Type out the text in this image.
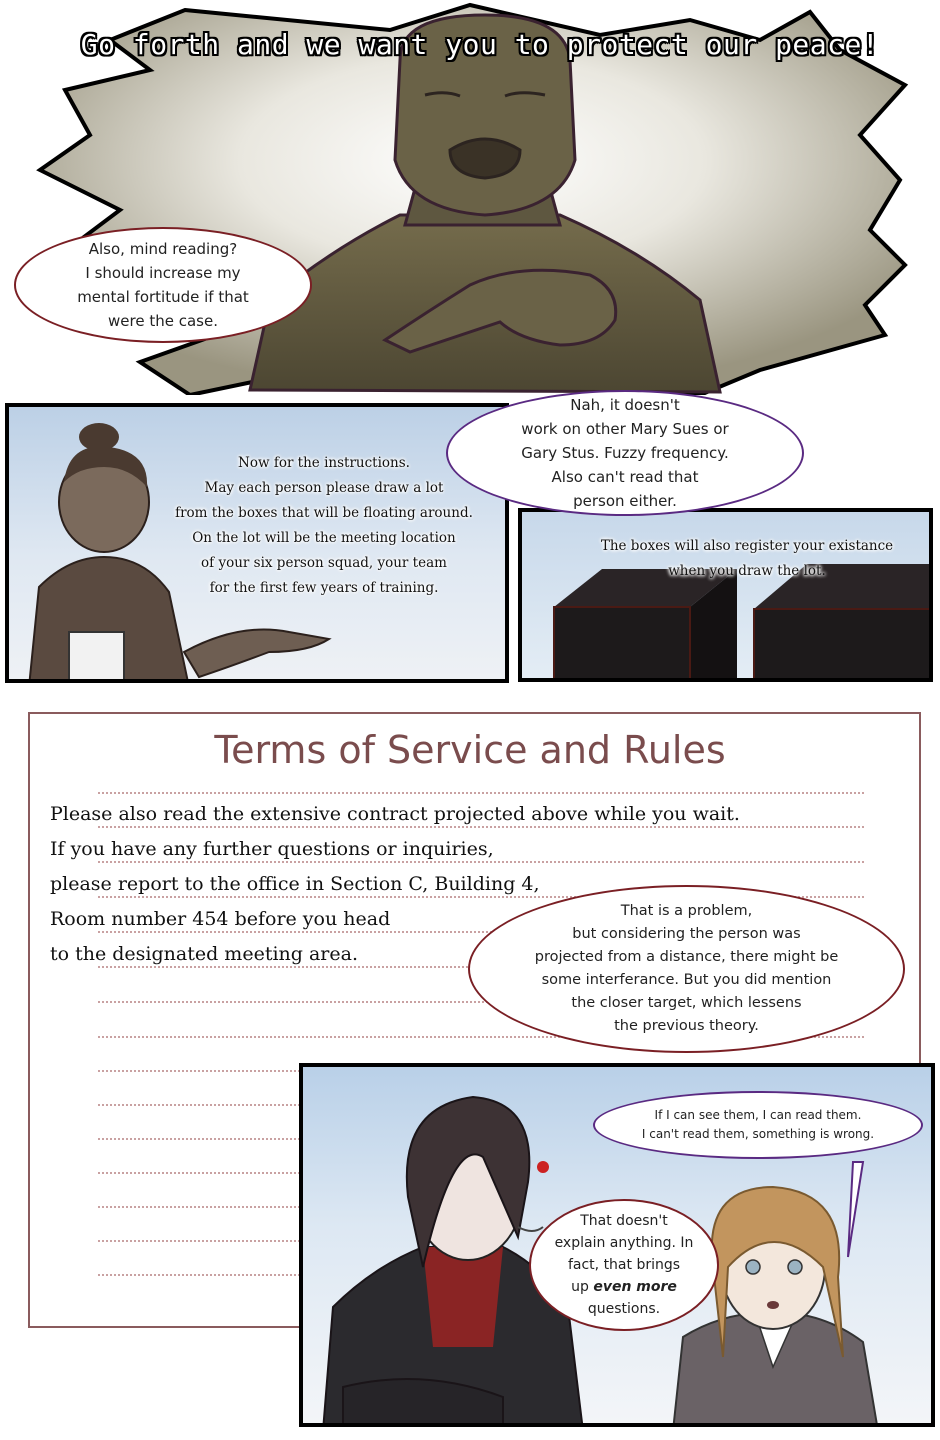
Go forth and we want you to protect our peace!
Also, mind reading?
I should increase my
mental fortitude if that
were the case.
Now for the instructions.
May each person please draw a lot
from the boxes that will be floating around.
On the lot will be the meeting location
of your six person squad, your team
for the first few years of training.
The boxes will also register your existance
when you draw the lot.
Nah, it doesn't
work on other Mary Sues or
Gary Stus. Fuzzy frequency.
Also can't read that
person either.
Terms of Service and Rules
Please also read the extensive contract projected above while you wait.
If you have any further questions or inquiries,
please report to the office in Section C, Building 4,
Room number 454 before you head
to the designated meeting area.
That is a problem,
but considering the person was
projected from a distance, there might be
some interferance. But you did mention
the closer target, which lessens
the previous theory.
If I can see them, I can read them.
I can't read them, something is wrong.
That doesn't
explain anything. In
fact, that brings
up even more
questions.
